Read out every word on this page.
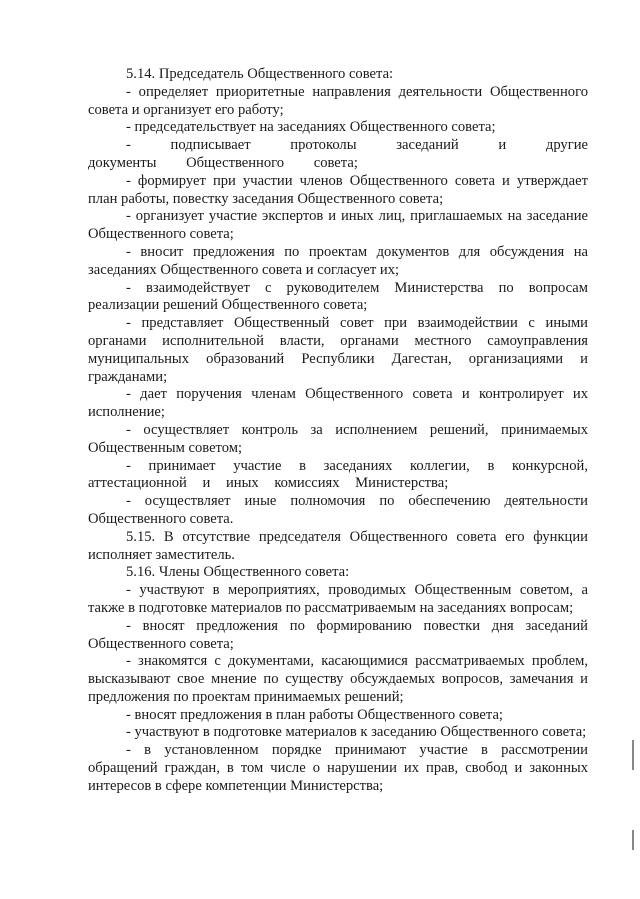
5.14. Председатель Общественного совета:

- определяет приоритетные направления деятельности Общественного совета и организует его работу;

- председательствует на заседаниях Общественного совета;

- подписывает протоколы заседаний и другие документы Общественного совета;

- формирует при участии членов Общественного совета и утверждает план работы, повестку заседания Общественного совета;

- организует участие экспертов и иных лиц, приглашаемых на заседание Общественного совета;

- вносит предложения по проектам документов для обсуждения на заседаниях Общественного совета и согласует их;

- взаимодействует с руководителем Министерства по вопросам реализации решений Общественного совета;

- представляет Общественный совет при взаимодействии с иными органами исполнительной власти, органами местного самоуправления муниципальных образований Республики Дагестан, организациями и гражданами;

- дает поручения членам Общественного совета и контролирует их исполнение;

- осуществляет контроль за исполнением решений, принимаемых Общественным советом;

- принимает участие в заседаниях коллегии, в конкурсной, аттестационной и иных комиссиях Министерства;

- осуществляет иные полномочия по обеспечению деятельности Общественного совета.

5.15. В отсутствие председателя Общественного совета его функции исполняет заместитель.

5.16. Члены Общественного совета:

- участвуют в мероприятиях, проводимых Общественным советом, а также в подготовке материалов по рассматриваемым на заседаниях вопросам;

- вносят предложения по формированию повестки дня заседаний Общественного совета;

- знакомятся с документами, касающимися рассматриваемых проблем, высказывают свое мнение по существу обсуждаемых вопросов, замечания и предложения по проектам принимаемых решений;

- вносят предложения в план работы Общественного совета;

- участвуют в подготовке материалов к заседанию Общественного совета;

- в установленном порядке принимают участие в рассмотрении обращений граждан, в том числе о нарушении их прав, свобод и законных интересов в сфере компетенции Министерства;
